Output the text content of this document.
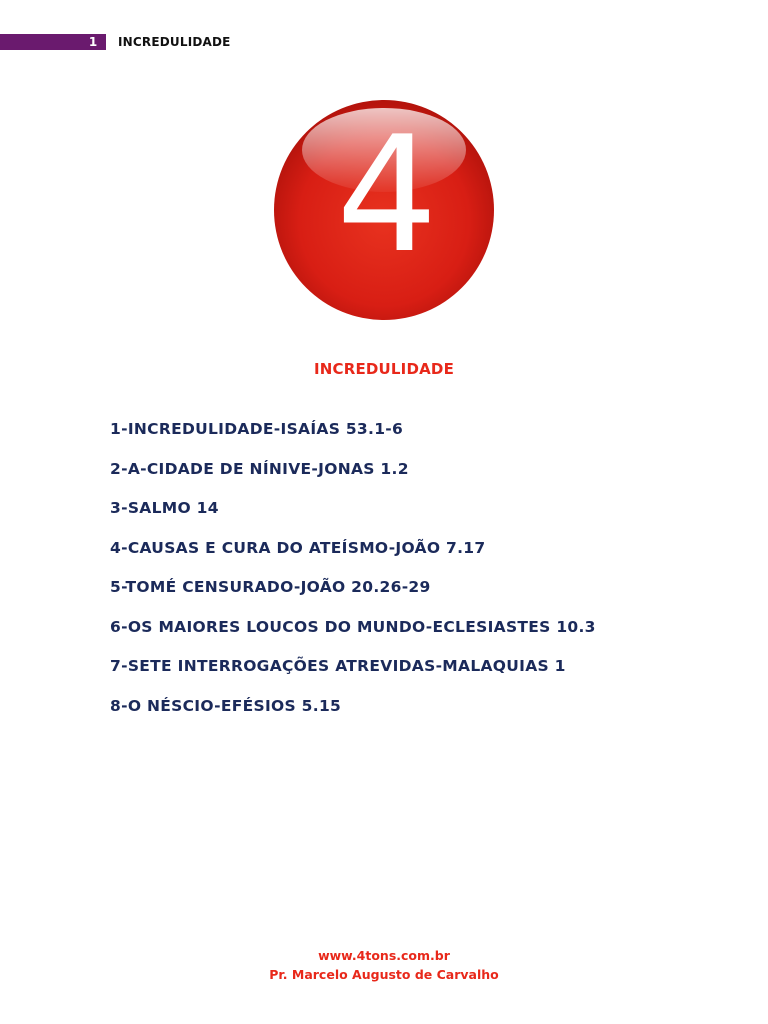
1	INCREDULIDADE
4
INCREDULIDADE
1-INCREDULIDADE-ISAÍAS 53.1-6
2-A-CIDADE DE NÍNIVE-JONAS 1.2
3-SALMO 14
4-CAUSAS E CURA DO ATEÍSMO-JOÃO 7.17
5-TOMÉ CENSURADO-JOÃO 20.26-29
6-OS MAIORES LOUCOS DO MUNDO-ECLESIASTES 10.3
7-SETE INTERROGAÇÕES ATREVIDAS-MALAQUIAS 1
8-O NÉSCIO-EFÉSIOS 5.15
www.4tons.com.br
Pr. Marcelo Augusto de Carvalho
